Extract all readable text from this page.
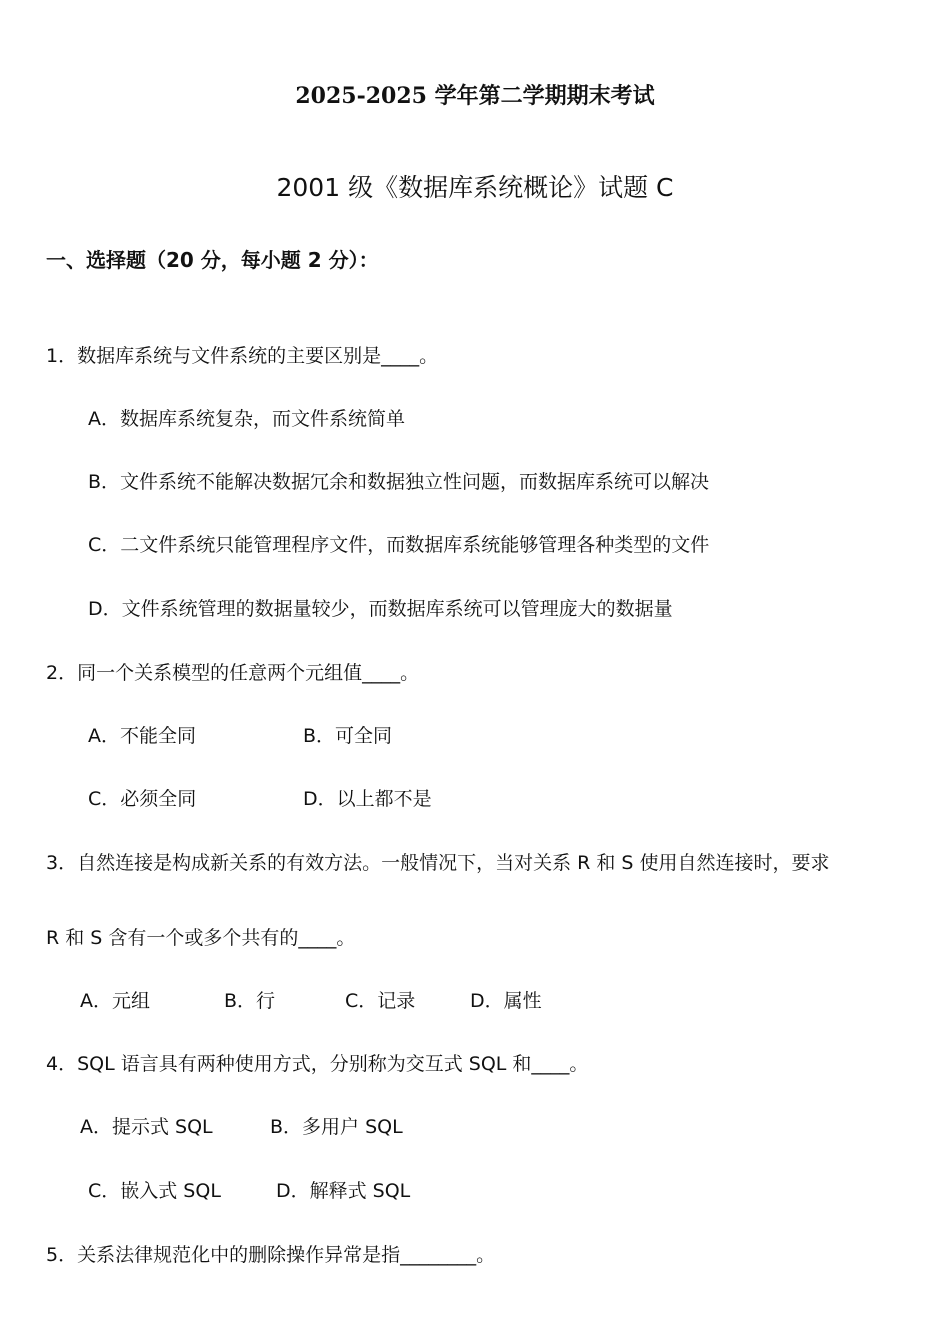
2025-2025 学年第二学期期末考试
2001 级《数据库系统概论》试题 C
一、选择题（20 分，每小题 2 分）：
1．数据库系统与文件系统的主要区别是____。
A．数据库系统复杂，而文件系统简单
B．文件系统不能解决数据冗余和数据独立性问题，而数据库系统可以解决
C．二文件系统只能管理程序文件，而数据库系统能够管理各种类型的文件
D．文件系统管理的数据量较少，而数据库系统可以管理庞大的数据量
2．同一个关系模型的任意两个元组值____。
A．不能全同	B．可全同
C．必须全同	D．以上都不是
3．自然连接是构成新关系的有效方法。一般情况下，当对关系 R 和 S 使用自然连接时，要求
R 和 S 含有一个或多个共有的____。
A．元组	B．行	C．记录	D．属性
4．SQL 语言具有两种使用方式，分别称为交互式 SQL 和____。
A．提示式 SQL	B．多用户 SQL
C．嵌入式 SQL	D．解释式 SQL
5．关系法律规范化中的删除操作异常是指________。
